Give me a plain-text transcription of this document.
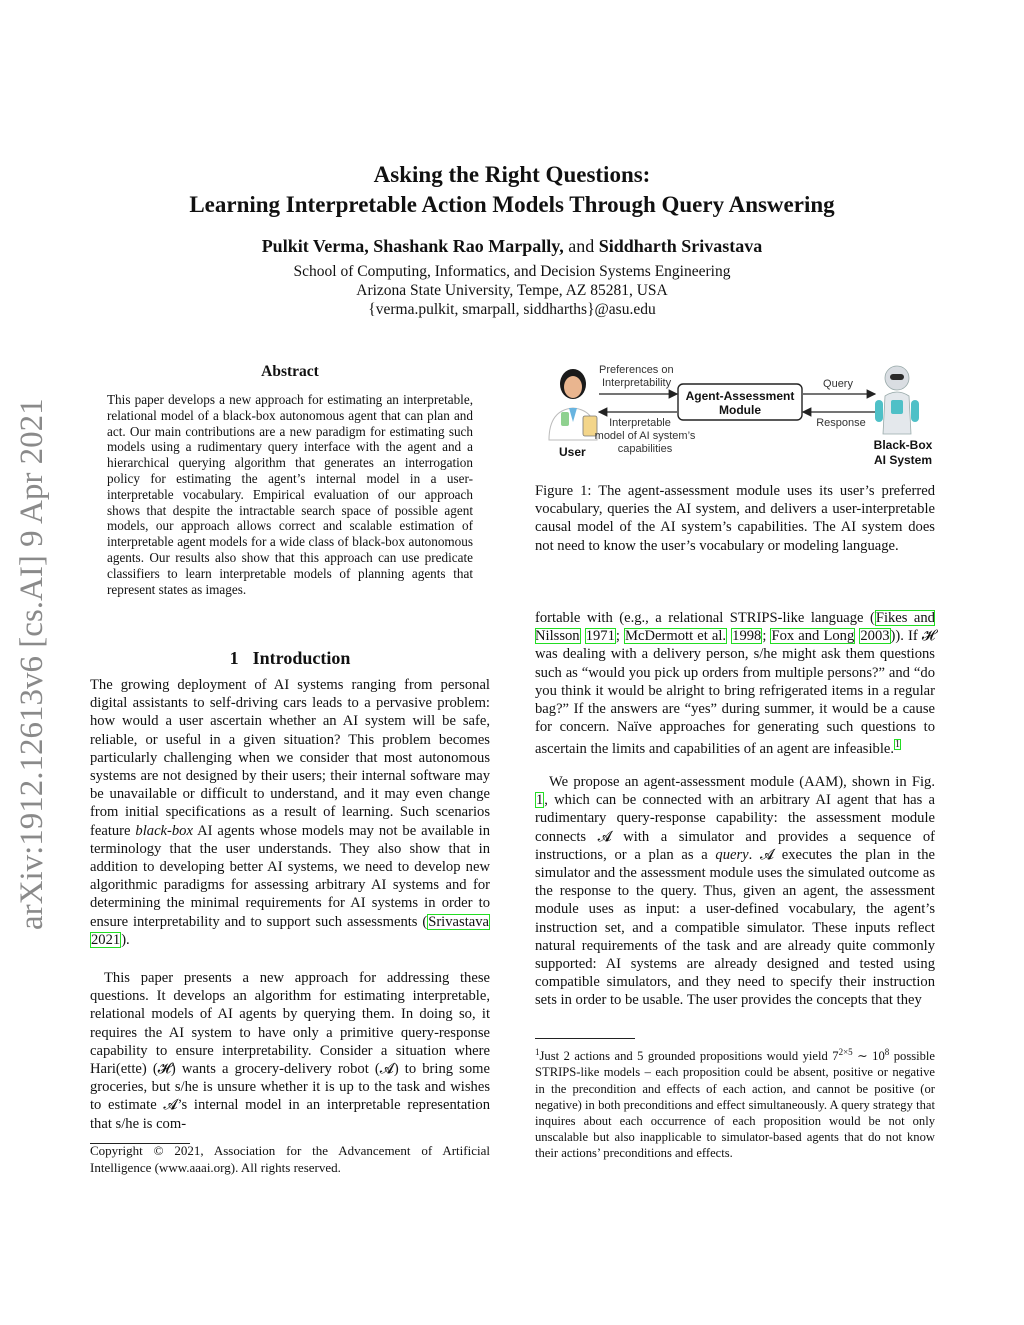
arXiv:1912.12613v6 [cs.AI] 9 Apr 2021
Asking the Right Questions:
Learning Interpretable Action Models Through Query Answering
Pulkit Verma, Shashank Rao Marpally, and Siddharth Srivastava
School of Computing, Informatics, and Decision Systems Engineering
Arizona State University, Tempe, AZ 85281, USA
{verma.pulkit, smarpall, siddharths}@asu.edu
Abstract
This paper develops a new approach for estimating an interpretable, relational model of a black-box autonomous agent that can plan and act. Our main contributions are a new paradigm for estimating such models using a rudimentary query interface with the agent and a hierarchical querying algorithm that generates an interrogation policy for estimating the agent’s internal model in a user-interpretable vocabulary. Empirical evaluation of our approach shows that despite the intractable search space of possible agent models, our approach allows correct and scalable estimation of interpretable agent models for a wide class of black-box autonomous agents. Our results also show that this approach can use predicate classifiers to learn interpretable models of planning agents that represent states as images.
1 Introduction
The growing deployment of AI systems ranging from personal digital assistants to self-driving cars leads to a pervasive problem: how would a user ascertain whether an AI system will be safe, reliable, or useful in a given situation? This problem becomes particularly challenging when we consider that most autonomous systems are not designed by their users; their internal software may be unavailable or difficult to understand, and it may even change from initial specifications as a result of learning. Such scenarios feature black-box AI agents whose models may not be available in terminology that the user understands. They also show that in addition to developing better AI systems, we need to develop new algorithmic paradigms for assessing arbitrary AI systems and for determining the minimal requirements for AI systems in order to ensure interpretability and to support such assessments (Srivastava 2021).
This paper presents a new approach for addressing these questions. It develops an algorithm for estimating interpretable, relational models of AI agents by querying them. In doing so, it requires the AI system to have only a primitive query-response capability to ensure interpretability. Consider a situation where Hari(ette) (𝓗) wants a grocery-delivery robot (𝓐) to bring some groceries, but s/he is unsure whether it is up to the task and wishes to estimate 𝓐’s internal model in an interpretable representation that s/he is com-
Copyright © 2021, Association for the Advancement of Artificial Intelligence (www.aaai.org). All rights reserved.
User
Preferences on
Interpretability
Agent-Assessment
Module
Interpretable
model of AI system’s
capabilities
Query
Response
Black-Box
AI System
Figure 1: The agent-assessment module uses its user’s preferred vocabulary, queries the AI system, and delivers a user-interpretable causal model of the AI system’s capabilities. The AI system does not need to know the user’s vocabulary or modeling language.
fortable with (e.g., a relational STRIPS-like language (Fikes and Nilsson 1971; McDermott et al. 1998; Fox and Long 2003)). If 𝓗 was dealing with a delivery person, s/he might ask them questions such as “would you pick up orders from multiple persons?” and “do you think it would be alright to bring refrigerated items in a regular bag?” If the answers are “yes” during summer, it would be a cause for concern. Naïve approaches for generating such questions to ascertain the limits and capabilities of an agent are infeasible.$^1$
We propose an agent-assessment module (AAM), shown in Fig. 1, which can be connected with an arbitrary AI agent that has a rudimentary query-response capability: the assessment module connects 𝓐 with a simulator and provides a sequence of instructions, or a plan as a query. 𝓐 executes the plan in the simulator and the assessment module uses the simulated outcome as the response to the query. Thus, given an agent, the assessment module uses as input: a user-defined vocabulary, the agent’s instruction set, and a compatible simulator. These inputs reflect natural requirements of the task and are already quite commonly supported: AI systems are already designed and tested using compatible simulators, and they need to specify their instruction sets in order to be usable. The user provides the concepts that they
$^1$Just 2 actions and 5 grounded propositions would yield $7^{2\times 5}$ ∼ $10^8$ possible STRIPS-like models – each proposition could be absent, positive or negative in the precondition and effects of each action, and cannot be positive (or negative) in both preconditions and effect simultaneously. A query strategy that inquires about each occurrence of each proposition would be not only unscalable but also inapplicable to simulator-based agents that do not know their actions’ preconditions and effects.
